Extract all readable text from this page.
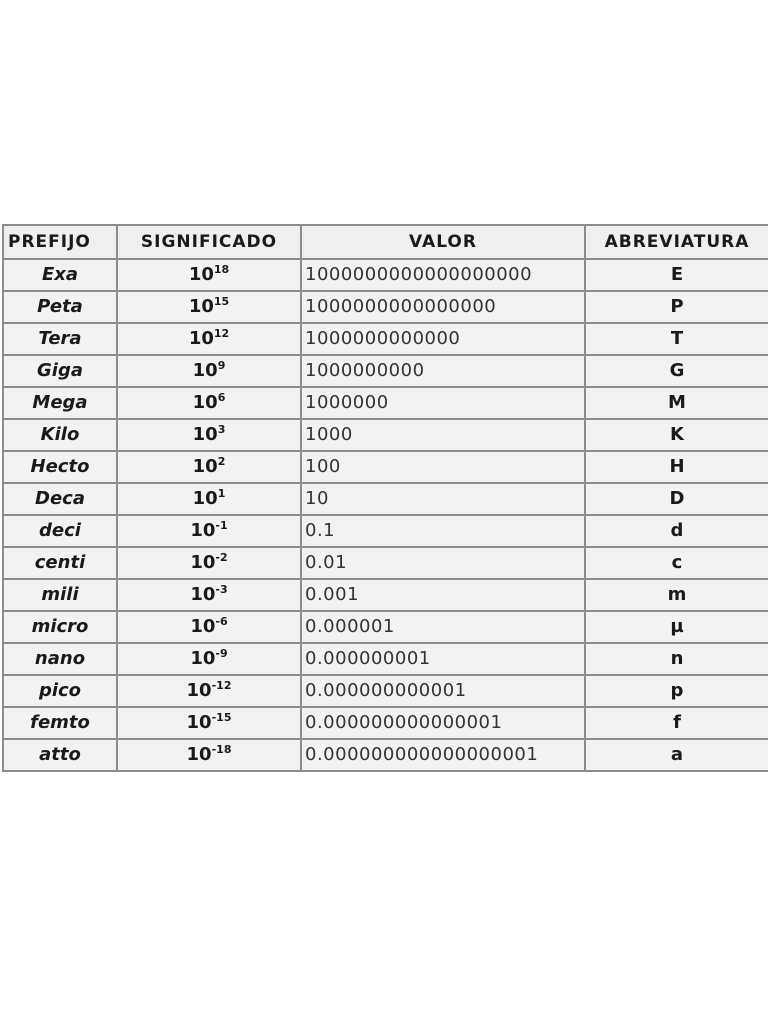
PREFIJO	SIGNIFICADO	VALOR	ABREVIATURA
Exa	$10^{18}$	1000000000000000000	E
Peta	$10^{15}$	1000000000000000	P
Tera	$10^{12}$	1000000000000	T
Giga	$10^9$	1000000000	G
Mega	$10^6$	1000000	M
Kilo	$10^3$	1000	K
Hecto	$10^2$	100	H
Deca	$10^1$	10	D
deci	$10^{-1}$	0.1	d
centi	$10^{-2}$	0.01	c
mili	$10^{-3}$	0.001	m
micro	$10^{-6}$	0.000001	µ
nano	$10^{-9}$	0.000000001	n
pico	$10^{-12}$	0.000000000001	p
femto	$10^{-15}$	0.000000000000001	f
atto	$10^{-18}$	0.000000000000000001	a
